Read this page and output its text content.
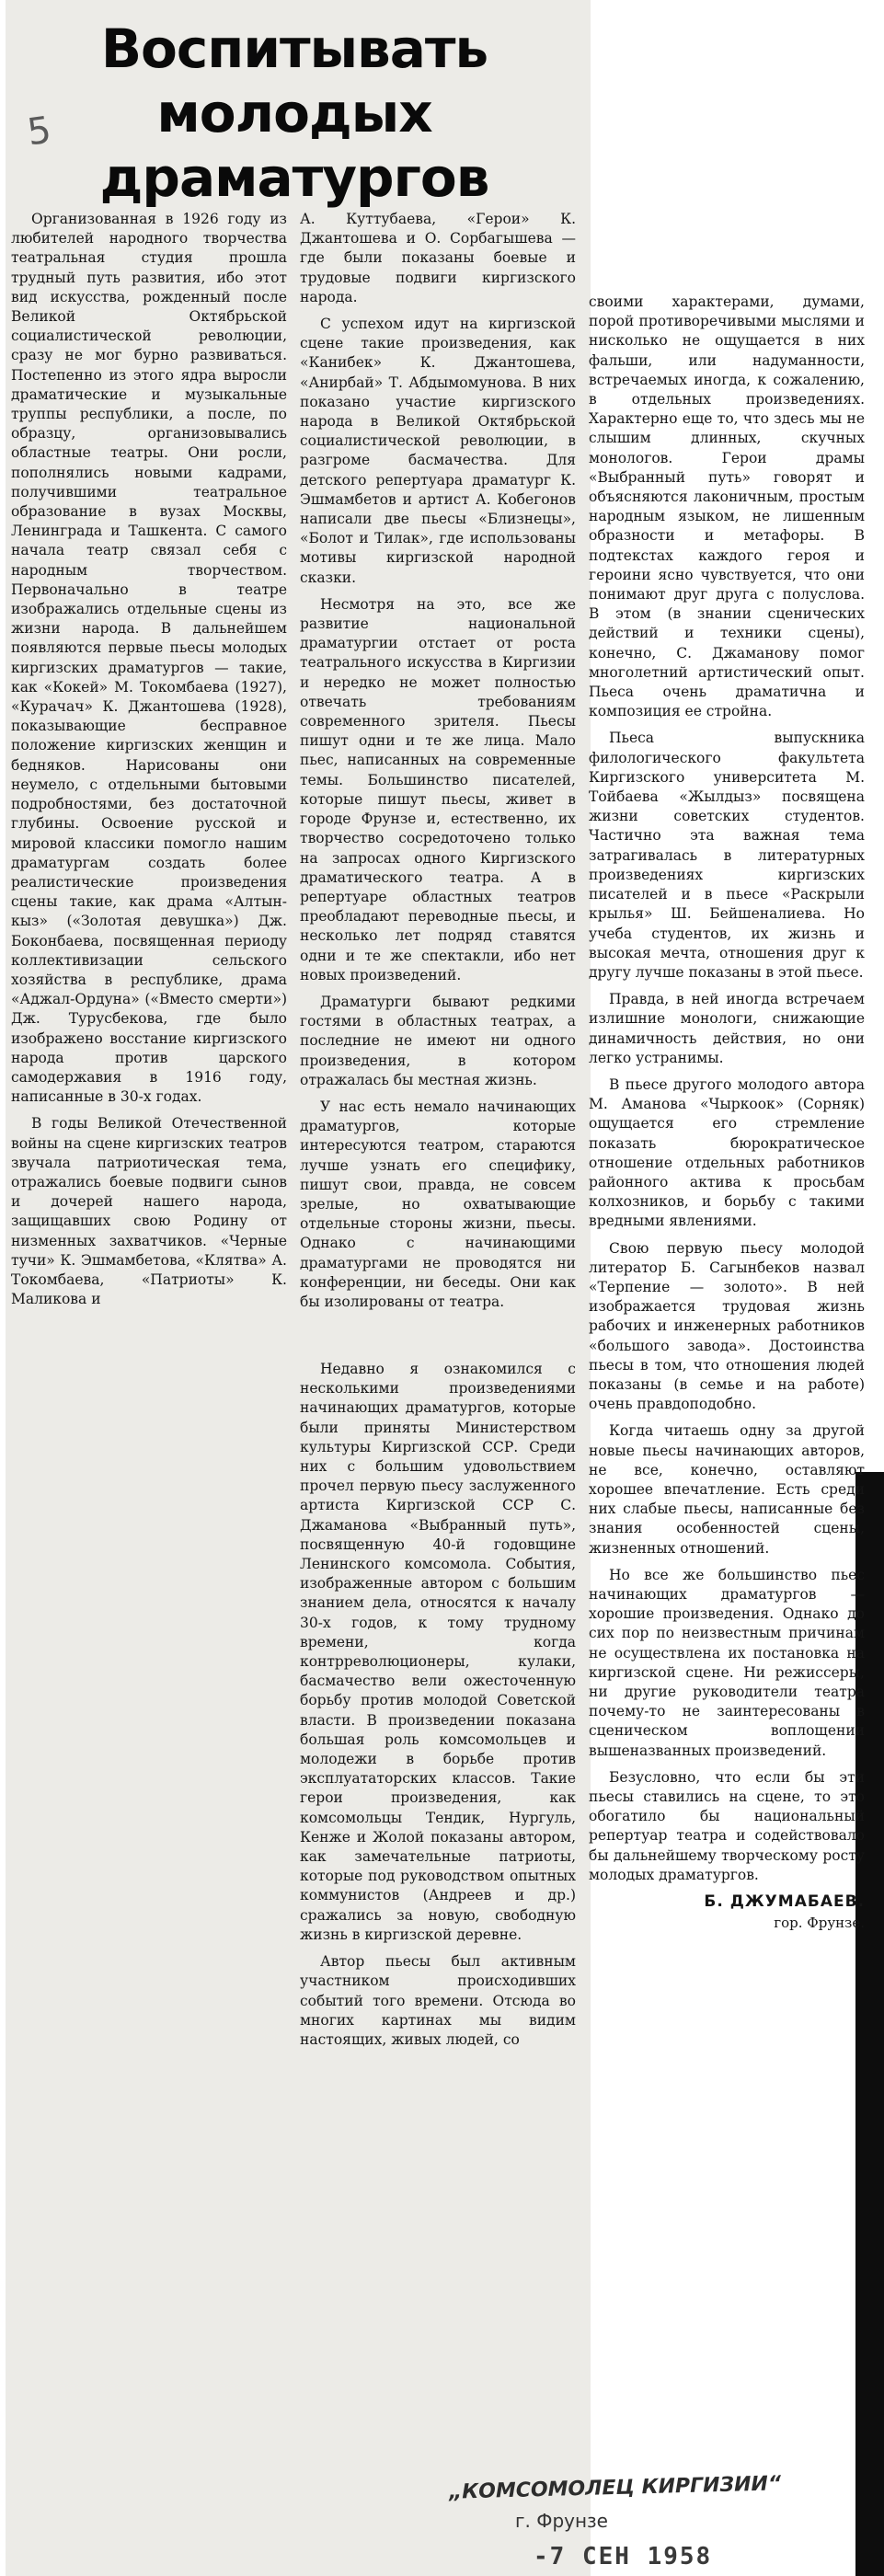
Воспитывать молодых драматургов
5

Организованная в 1926 году из любителей народного творчества театральная студия прошла трудный путь развития, ибо этот вид искусства, рожденный после Великой Октябрьской социалистической революции, сразу не мог бурно развиваться. Постепенно из этого ядра выросли драматические и музыкальные труппы республики, а после, по образцу, организовывались областные театры. Они росли, пополнялись новыми кадрами, получившими театральное образование в вузах Москвы, Ленинграда и Ташкента. С самого начала театр связал себя с народным творчеством. Первоначально в театре изображались отдельные сцены из жизни народа. В дальнейшем появляются первые пьесы молодых киргизских драматургов — такие, как «Кокей» М. Токомбаева (1927), «Курачач» К. Джантошева (1928), показывающие бесправное положение киргизских женщин и бедняков. Нарисованы они неумело, с отдельными бытовыми подробностями, без достаточной глубины. Освоение русской и мировой классики помогло нашим драматургам создать более реалистические произведения сцены такие, как драма «Алтын-кыз» («Золотая девушка») Дж. Боконбаева, посвященная периоду коллективизации сельского хозяйства в республике, драма «Аджал-Ордуна» («Вместо смерти») Дж. Турусбекова, где было изображено восстание киргизского народа против царского самодержавия в 1916 году, написанные в 30-х годах.

В годы Великой Отечественной войны на сцене киргизских театров звучала патриотическая тема, отражались боевые подвиги сынов и дочерей нашего народа, защищавших свою Родину от низменных захватчиков. «Черные тучи» К. Эшмамбетова, «Клятва» А. Токомбаева, «Патриоты» К. Маликова и

А. Куттубаева, «Герои» К. Джантошева и О. Сорбагышева — где были показаны боевые и трудовые подвиги киргизского народа.

С успехом идут на киргизской сцене такие произведения, как «Канибек» К. Джантошева, «Анирбай» Т. Абдымомунова. В них показано участие киргизского народа в Великой Октябрьской социалистической революции, в разгроме басмачества. Для детского репертуара драматург К. Эшмамбетов и артист А. Кобегонов написали две пьесы «Близнецы», «Болот и Тилак», где использованы мотивы киргизской народной сказки.

Несмотря на это, все же развитие национальной драматургии отстает от роста театрального искусства в Киргизии и нередко не может полностью отвечать требованиям современного зрителя. Пьесы пишут одни и те же лица. Мало пьес, написанных на современные темы. Большинство писателей, которые пишут пьесы, живет в городе Фрунзе и, естественно, их творчество сосредоточено только на запросах одного Киргизского драматического театра. А в репертуаре областных театров преобладают переводные пьесы, и несколько лет подряд ставятся одни и те же спектакли, ибо нет новых произведений.

Драматурги бывают редкими гостями в областных театрах, а последние не имеют ни одного произведения, в котором отражалась бы местная жизнь.

У нас есть немало начинающих драматургов, которые интересуются театром, стараются лучше узнать его специфику, пишут свои, правда, не совсем зрелые, но охватывающие отдельные стороны жизни, пьесы. Однако с начинающими драматургами не проводятся ни конференции, ни беседы. Они как бы изолированы от театра.

своими характерами, думами, порой противоречивыми мыслями и нисколько не ощущается в них фальши, или надуманности, встречаемых иногда, к сожалению, в отдельных произведениях. Характерно еще то, что здесь мы не слышим длинных, скучных монологов. Герои драмы «Выбранный путь» говорят и объясняются лаконичным, простым народным языком, не лишенным образности и метафоры. В подтекстах каждого героя и героини ясно чувствуется, что они понимают друг друга с полуслова. В этом (в знании сценических действий и техники сцены), конечно, С. Джаманову помог многолетний артистический опыт. Пьеса очень драматична и композиция ее стройна.

Пьеса выпускника филологического факультета Киргизского университета М. Тойбаева «Жылдыз» посвящена жизни советских студентов. Частично эта важная тема затрагивалась в литературных произведениях киргизских писателей и в пьесе «Раскрыли крылья» Ш. Бейшеналиева. Но учеба студентов, их жизнь и высокая мечта, отношения друг к другу лучше показаны в этой пьесе.

Правда, в ней иногда встречаем излишние монологи, снижающие динамичность действия, но они легко устранимы.

В пьесе другого молодого автора М. Аманова «Чыркоок» (Сорняк) ощущается его стремление показать бюрократическое отношение отдельных работников районного актива к просьбам колхозников, и борьбу с такими вредными явлениями.

Свою первую пьесу молодой литератор Б. Сагынбеков назвал «Терпение — золото». В ней изображается трудовая жизнь рабочих и инженерных работников «большого завода». Достоинства пьесы в том, что отношения людей показаны (в семье и на работе) очень правдоподобно.

Когда читаешь одну за другой новые пьесы начинающих авторов, не все, конечно, оставляют хорошее впечатление. Есть среди них слабые пьесы, написанные без знания особенностей сцены, жизненных отношений.

Но все же большинство пьес начинающих драматургов — хорошие произведения. Однако до сих пор по неизвестным причинам не осуществлена их постановка на киргизской сцене. Ни режиссеры, ни другие руководители театра почему-то не заинтересованы в сценическом воплощении вышеназванных произведений.

Безусловно, что если бы эти пьесы ставились на сцене, то это обогатило бы национальный репертуар театра и содействовало бы дальнейшему творческому росту молодых драматургов.

Б. ДЖУМАБАЕВ.
гор. Фрунзе.

Недавно я ознакомился с несколькими произведениями начинающих драматургов, которые были приняты Министерством культуры Киргизской ССР. Среди них с большим удовольствием прочел первую пьесу заслуженного артиста Киргизской ССР С. Джаманова «Выбранный путь», посвященную 40-й годовщине Ленинского комсомола. События, изображенные автором с большим знанием дела, относятся к началу 30-х годов, к тому трудному времени, когда контрреволюционеры, кулаки, басмачество вели ожесточенную борьбу против молодой Советской власти. В произведении показана большая роль комсомольцев и молодежи в борьбе против эксплуататорских классов. Такие герои произведения, как комсомольцы Тендик, Нургуль, Кенже и Жолой показаны автором, как замечательные патриоты, которые под руководством опытных коммунистов (Андреев и др.) сражались за новую, свободную жизнь в киргизской деревне.

Автор пьесы был активным участником происходивших событий того времени. Отсюда во многих картинах мы видим настоящих, живых людей, со

„КОМСОМОЛЕЦ КИРГИЗИИ“
г. Фрунзе
-7 СЕН 1958
